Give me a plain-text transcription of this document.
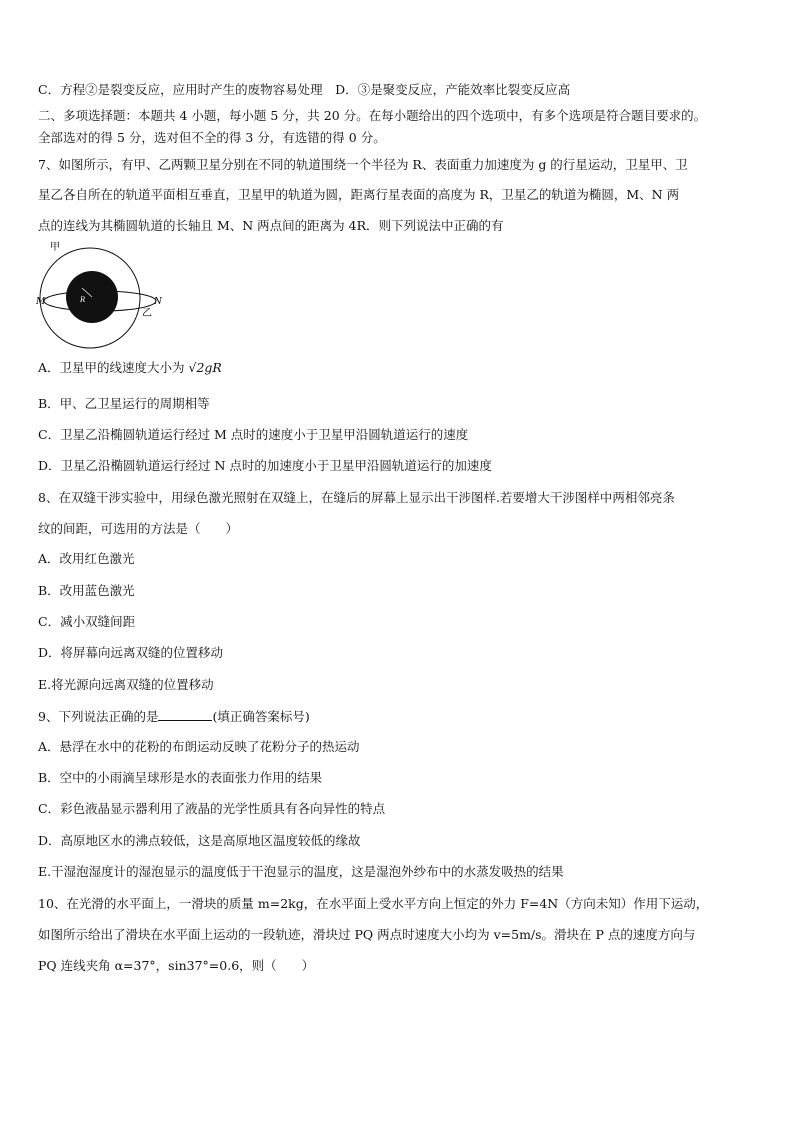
C．方程②是裂变反应，应用时产生的废物容易处理　D．③是聚变反应，产能效率比裂变反应高
二、多项选择题：本题共 4 小题，每小题 5 分，共 20 分。在每小题给出的四个选项中，有多个选项是符合题目要求的。
全部选对的得 5 分，选对但不全的得 3 分，有选错的得 0 分。
7、如图所示，有甲、乙两颗卫星分别在不同的轨道围绕一个半径为 R、表面重力加速度为 g 的行星运动，卫星甲、卫
星乙各自所在的轨道平面相互垂直，卫星甲的轨道为圆，距离行星表面的高度为 R，卫星乙的轨道为椭圆，M、N 两
点的连线为其椭圆轨道的长轴且 M、N 两点间的距离为 4R．则下列说法中正确的有
甲
R
M	N
乙
A．卫星甲的线速度大小为 √2gR
B．甲、乙卫星运行的周期相等
C．卫星乙沿椭圆轨道运行经过 M 点时的速度小于卫星甲沿圆轨道运行的速度
D．卫星乙沿椭圆轨道运行经过 N 点时的加速度小于卫星甲沿圆轨道运行的加速度
8、在双缝干涉实验中，用绿色激光照射在双缝上，在缝后的屏幕上显示出干涉图样.若要增大干涉图样中两相邻亮条
纹的间距，可选用的方法是（　　）
A．改用红色激光
B．改用蓝色激光
C．减小双缝间距
D．将屏幕向远离双缝的位置移动
E.将光源向远离双缝的位置移动
9、下列说法正确的是	(填正确答案标号)
A．悬浮在水中的花粉的布朗运动反映了花粉分子的热运动
B．空中的小雨滴呈球形是水的表面张力作用的结果
C．彩色液晶显示器利用了液晶的光学性质具有各向异性的特点
D．高原地区水的沸点较低，这是高原地区温度较低的缘故
E.干湿泡湿度计的湿泡显示的温度低于干泡显示的温度，这是湿泡外纱布中的水蒸发吸热的结果
10、在光滑的水平面上，一滑块的质量 m=2kg，在水平面上受水平方向上恒定的外力 F=4N（方向未知）作用下运动，
如图所示给出了滑块在水平面上运动的一段轨迹，滑块过 PQ 两点时速度大小均为 v=5m/s。滑块在 P 点的速度方向与
PQ 连线夹角 α=37°，sin37°=0.6，则（　　）
